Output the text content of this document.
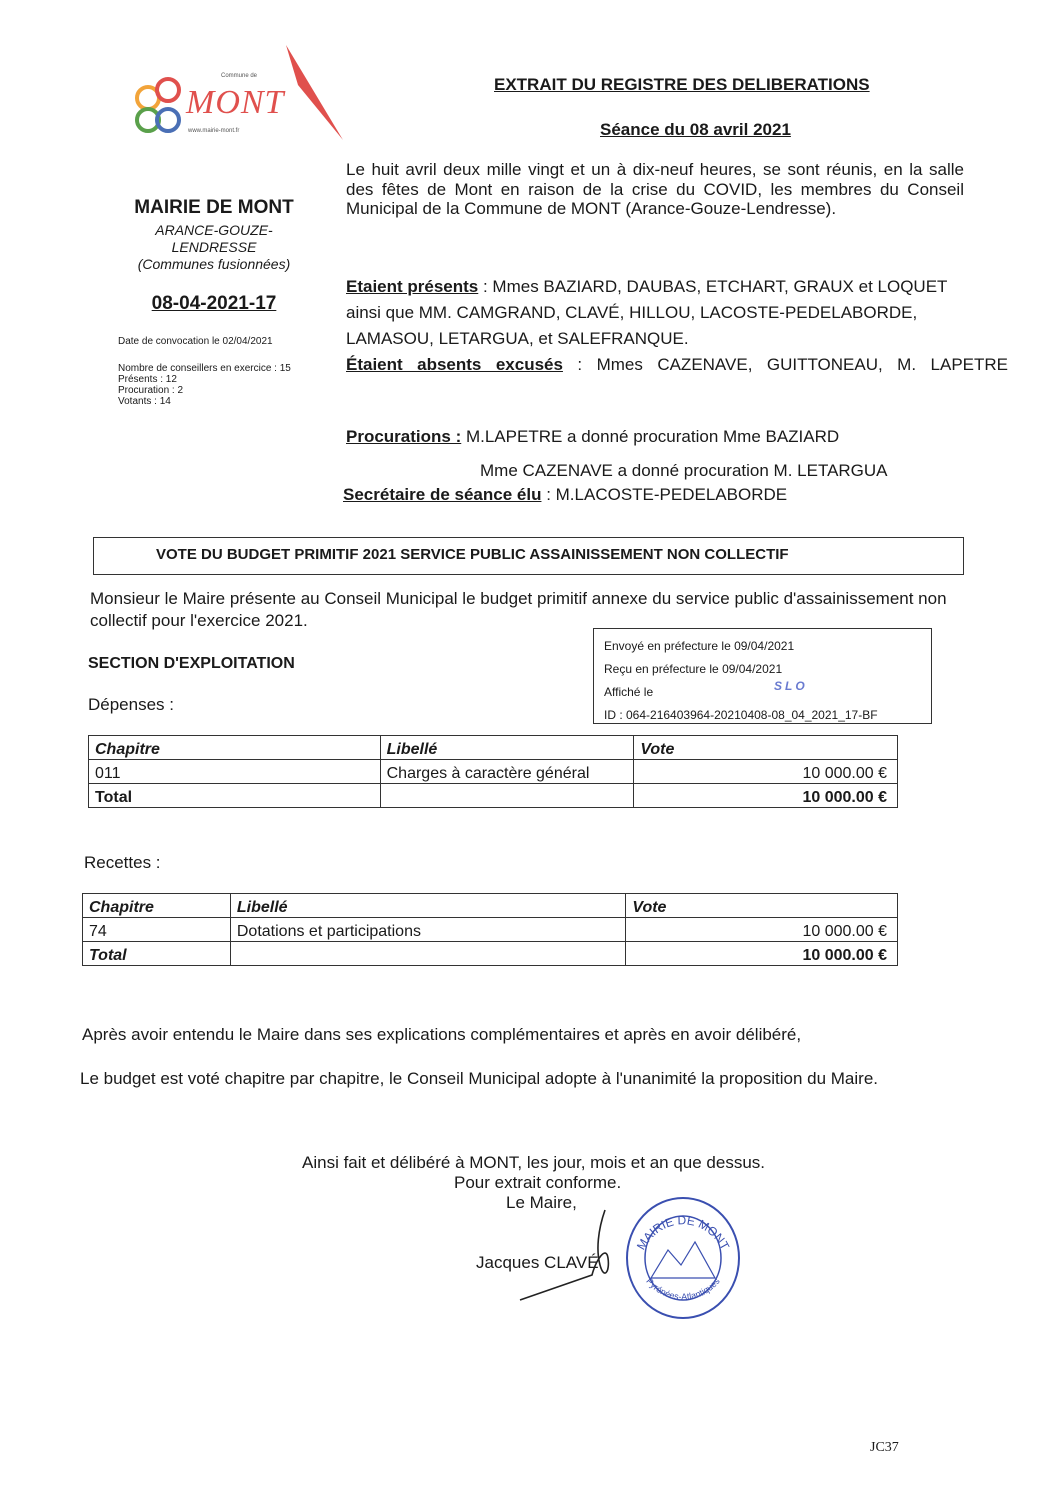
Commune de
MONT
www.mairie-mont.fr
MAIRIE DE MONT
ARANCE-GOUZE-
LENDRESSE
(Communes fusionnées)
08-04-2021-17
Date de convocation le 02/04/2021
Nombre de conseillers en exercice : 15
Présents : 12
Procuration : 2
Votants : 14
EXTRAIT DU REGISTRE DES DELIBERATIONS
Séance du 08 avril 2021
Le huit avril deux mille vingt et un à dix-neuf heures, se sont réunis, en la salle des fêtes de Mont en raison de la crise du COVID, les membres du Conseil Municipal de la Commune de MONT (Arance-Gouze-Lendresse).
Etaient présents : Mmes BAZIARD, DAUBAS, ETCHART, GRAUX et LOQUET ainsi que MM. CAMGRAND, CLAVÉ, HILLOU, LACOSTE-PEDELABORDE, LAMASOU, LETARGUA, et SALEFRANQUE.
Étaient absents excusés : Mmes CAZENAVE, GUITTONEAU, M. LAPETRE
Procurations : M.LAPETRE a donné procuration Mme BAZIARD
Mme CAZENAVE a donné procuration M. LETARGUA
Secrétaire de séance élu : M.LACOSTE-PEDELABORDE
VOTE DU BUDGET PRIMITIF 2021 SERVICE PUBLIC ASSAINISSEMENT NON COLLECTIF
Monsieur le Maire présente au Conseil Municipal le budget primitif annexe du service public d'assainissement non collectif pour l'exercice 2021.
SECTION D'EXPLOITATION
Envoyé en préfecture le 09/04/2021
Reçu en préfecture le 09/04/2021
Affiché le	SLO
ID : 064-216403964-20210408-08_04_2021_17-BF
Dépenses :
Chapitre	Libellé	Vote
011	Charges à caractère général	10 000.00 €
Total		10 000.00 €
Recettes :
Chapitre	Libellé	Vote
74	Dotations et participations	10 000.00 €
Total		10 000.00 €
Après avoir entendu le Maire dans ses explications complémentaires et après en avoir délibéré,
Le budget est voté chapitre par chapitre, le Conseil Municipal adopte à l'unanimité la proposition du Maire.
Ainsi fait et délibéré à MONT, les jour, mois et an que dessus.
Pour extrait conforme.
Le Maire,
Jacques CLAVÉ
MAIRIE DE MONT
Pyrénées-Atlantiques
JC37
